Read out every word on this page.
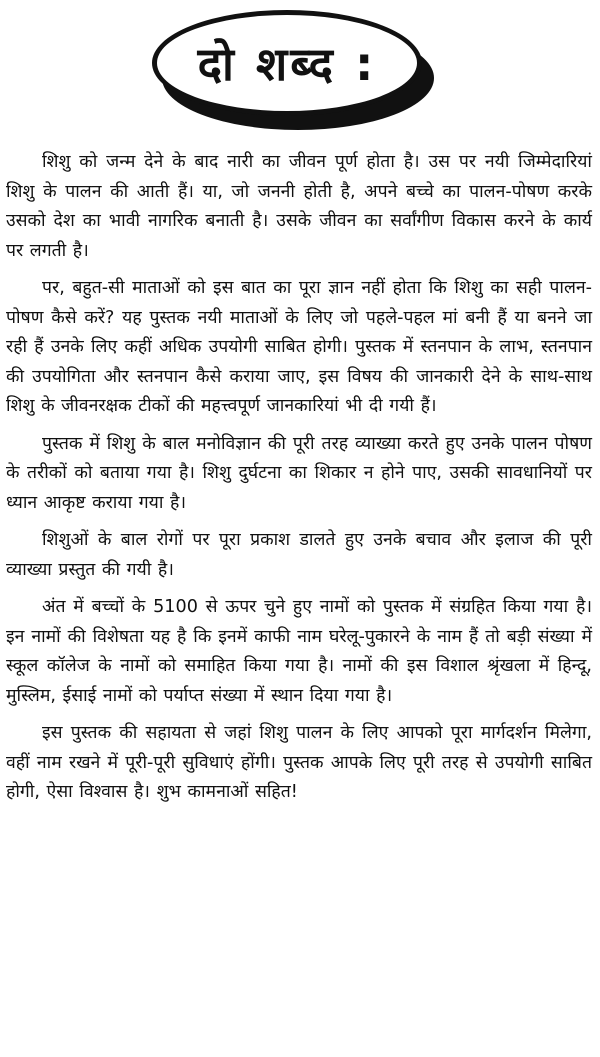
दो शब्द :

शिशु को जन्म देने के बाद नारी का जीवन पूर्ण होता है। उस पर नयी जिम्मेदारियां शिशु के पालन की आती हैं। या, जो जननी होती है, अपने बच्चे का पालन-पोषण करके उसको देश का भावी नागरिक बनाती है। उसके जीवन का सर्वांगीण विकास करने के कार्य पर लगती है।

पर, बहुत-सी माताओं को इस बात का पूरा ज्ञान नहीं होता कि शिशु का सही पालन-पोषण कैसे करें? यह पुस्तक नयी माताओं के लिए जो पहले-पहल मां बनी हैं या बनने जा रही हैं उनके लिए कहीं अधिक उपयोगी साबित होगी। पुस्तक में स्तनपान के लाभ, स्तनपान की उपयोगिता और स्तनपान कैसे कराया जाए, इस विषय की जानकारी देने के साथ-साथ शिशु के जीवनरक्षक टीकों की महत्त्वपूर्ण जानकारियां भी दी गयी हैं।

पुस्तक में शिशु के बाल मनोविज्ञान की पूरी तरह व्याख्या करते हुए उनके पालन पोषण के तरीकों को बताया गया है। शिशु दुर्घटना का शिकार न होने पाए, उसकी सावधानियों पर ध्यान आकृष्ट कराया गया है।

शिशुओं के बाल रोगों पर पूरा प्रकाश डालते हुए उनके बचाव और इलाज की पूरी व्याख्या प्रस्तुत की गयी है।

अंत में बच्चों के 5100 से ऊपर चुने हुए नामों को पुस्तक में संग्रहित किया गया है। इन नामों की विशेषता यह है कि इनमें काफी नाम घरेलू-पुकारने के नाम हैं तो बड़ी संख्या में स्कूल कॉलेज के नामों को समाहित किया गया है। नामों की इस विशाल श्रृंखला में हिन्दू, मुस्लिम, ईसाई नामों को पर्याप्त संख्या में स्थान दिया गया है।

इस पुस्तक की सहायता से जहां शिशु पालन के लिए आपको पूरा मार्गदर्शन मिलेगा, वहीं नाम रखने में पूरी-पूरी सुविधाएं होंगी। पुस्तक आपके लिए पूरी तरह से उपयोगी साबित होगी, ऐसा विश्वास है। शुभ कामनाओं सहित!
